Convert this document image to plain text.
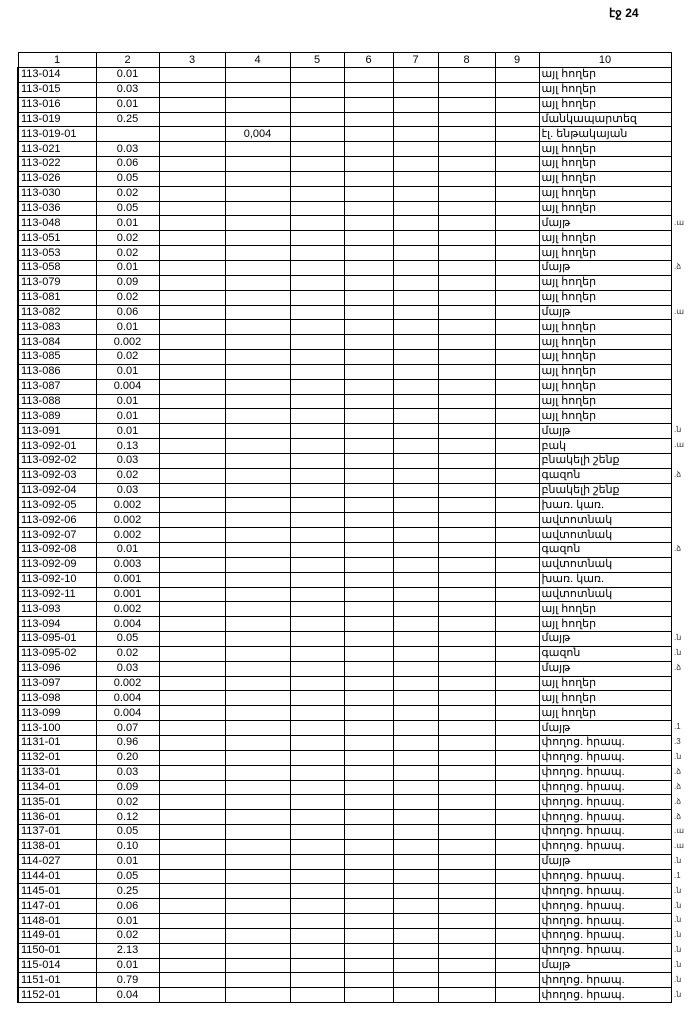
էջ 24
1	2	3	4	5	6	7	8	9	10
113-014	0.01								այլ հողեր
113-015	0.03								այլ հողեր
113-016	0.01								այլ հողեր
113-019	0.25								մանկապարտեզ
113-019-01			0,004						էլ. ենթակայան
113-021	0.03								այլ հողեր
113-022	0.06								այլ հողեր
113-026	0.05								այլ հողեր
113-030	0.02								այլ հողեր
113-036	0.05								այլ հողեր
113-048	0.01								մայթ
113-051	0.02								այլ հողեր
113-053	0.02								այլ հողեր
113-058	0.01								մայթ
113-079	0.09								այլ հողեր
113-081	0.02								այլ հողեր
113-082	0.06								մայթ
113-083	0.01								այլ հողեր
113-084	0.002								այլ հողեր
113-085	0.02								այլ հողեր
113-086	0.01								այլ հողեր
113-087	0.004								այլ հողեր
113-088	0.01								այլ հողեր
113-089	0.01								այլ հողեր
113-091	0.01								մայթ
113-092-01	0.13								բակ
113-092-02	0.03								բնակելի շենք
113-092-03	0.02								գազոն
113-092-04	0.03								բնակելի շենք
113-092-05	0.002								խառ. կառ.
113-092-06	0.002								ավտոտնակ
113-092-07	0.002								ավտոտնակ
113-092-08	0.01								գազոն
113-092-09	0.003								ավտոտնակ
113-092-10	0.001								խառ. կառ.
113-092-11	0.001								ավտոտնակ
113-093	0.002								այլ հողեր
113-094	0.004								այլ հողեր
113-095-01	0.05								մայթ
113-095-02	0.02								գազոն
113-096	0.03								մայթ
113-097	0.002								այլ հողեր
113-098	0.004								այլ հողեր
113-099	0.004								այլ հողեր
113-100	0.07								մայթ
1131-01	0.96								փողոց. հրապ.
1132-01	0.20								փողոց. հրապ.
1133-01	0.03								փողոց. հրապ.
1134-01	0.09								փողոց. հրապ.
1135-01	0.02								փողոց. հրապ.
1136-01	0.12								փողոց. հրապ.
1137-01	0.05								փողոց. հրապ.
1138-01	0.10								փողոց. հրապ.
114-027	0.01								մայթ
1144-01	0.05								փողոց. հրապ.
1145-01	0.25								փողոց. հրապ.
1147-01	0.06								փողոց. հրապ.
1148-01	0.01								փողոց. հրապ.
1149-01	0.02								փողոց. հրապ.
1150-01	2.13								փողոց. հրապ.
115-014	0.01								մայթ
1151-01	0.79								փողոց. հրապ.
1152-01	0.04								փողոց. հրապ.
.ա
.ձ
.ա
.ն
.ա
.ձ
.ձ
.ն
.ն
.ձ
.1
.3
.ն
.ձ
.ձ
.ձ
.ձ
.ա
.ա
.ն
.1
.ն
.ն
.ն
.ն
.ն
.ն
.ն
.ն
